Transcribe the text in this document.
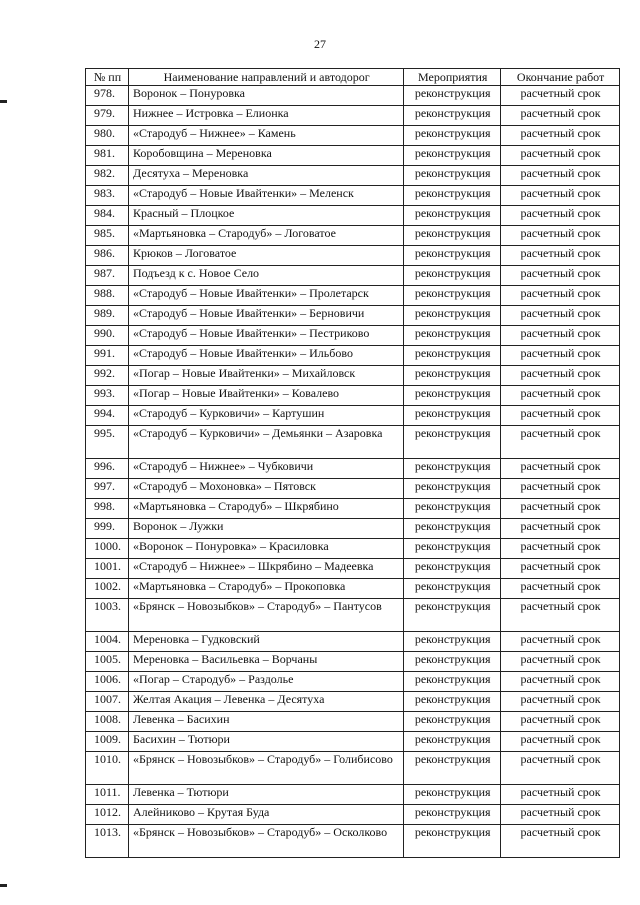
27
№ пп	Наименование направлений и автодорог	Мероприятия	Окончание работ
978.	Воронок – Понуровка	реконструкция	расчетный срок
979.	Нижнее – Истровка – Елионка	реконструкция	расчетный срок
980.	«Стародуб – Нижнее» – Камень	реконструкция	расчетный срок
981.	Коробовщина – Мереновка	реконструкция	расчетный срок
982.	Десятуха – Мереновка	реконструкция	расчетный срок
983.	«Стародуб – Новые Ивайтенки» – Меленск	реконструкция	расчетный срок
984.	Красный – Плоцкое	реконструкция	расчетный срок
985.	«Мартьяновка – Стародуб» – Логоватое	реконструкция	расчетный срок
986.	Крюков – Логоватое	реконструкция	расчетный срок
987.	Подъезд к с. Новое Село	реконструкция	расчетный срок
988.	«Стародуб – Новые Ивайтенки» – Пролетарск	реконструкция	расчетный срок
989.	«Стародуб – Новые Ивайтенки» – Берновичи	реконструкция	расчетный срок
990.	«Стародуб – Новые Ивайтенки» – Пестриково	реконструкция	расчетный срок
991.	«Стародуб – Новые Ивайтенки» – Ильбово	реконструкция	расчетный срок
992.	«Погар – Новые Ивайтенки» – Михайловск	реконструкция	расчетный срок
993.	«Погар – Новые Ивайтенки» – Ковалево	реконструкция	расчетный срок
994.	«Стародуб – Курковичи» – Картушин	реконструкция	расчетный срок
995.	«Стародуб – Курковичи» – Демьянки – Азаровка	реконструкция	расчетный срок
996.	«Стародуб – Нижнее» – Чубковичи	реконструкция	расчетный срок
997.	«Стародуб – Мохоновка» – Пятовск	реконструкция	расчетный срок
998.	«Мартьяновка – Стародуб» – Шкрябино	реконструкция	расчетный срок
999.	Воронок – Лужки	реконструкция	расчетный срок
1000.	«Воронок – Понуровка» – Красиловка	реконструкция	расчетный срок
1001.	«Стародуб – Нижнее» – Шкрябино – Мадеевка	реконструкция	расчетный срок
1002.	«Мартьяновка – Стародуб» – Прокоповка	реконструкция	расчетный срок
1003.	«Брянск – Новозыбков» – Стародуб» – Пантусов	реконструкция	расчетный срок
1004.	Мереновка – Гудковский	реконструкция	расчетный срок
1005.	Мереновка – Васильевка – Ворчаны	реконструкция	расчетный срок
1006.	«Погар – Стародуб» – Раздолье	реконструкция	расчетный срок
1007.	Желтая Акация – Левенка – Десятуха	реконструкция	расчетный срок
1008.	Левенка – Басихин	реконструкция	расчетный срок
1009.	Басихин – Тютюри	реконструкция	расчетный срок
1010.	«Брянск – Новозыбков» – Стародуб» – Голибисово	реконструкция	расчетный срок
1011.	Левенка – Тютюри	реконструкция	расчетный срок
1012.	Алейниково – Крутая Буда	реконструкция	расчетный срок
1013.	«Брянск – Новозыбков» – Стародуб» – Осколково	реконструкция	расчетный срок
